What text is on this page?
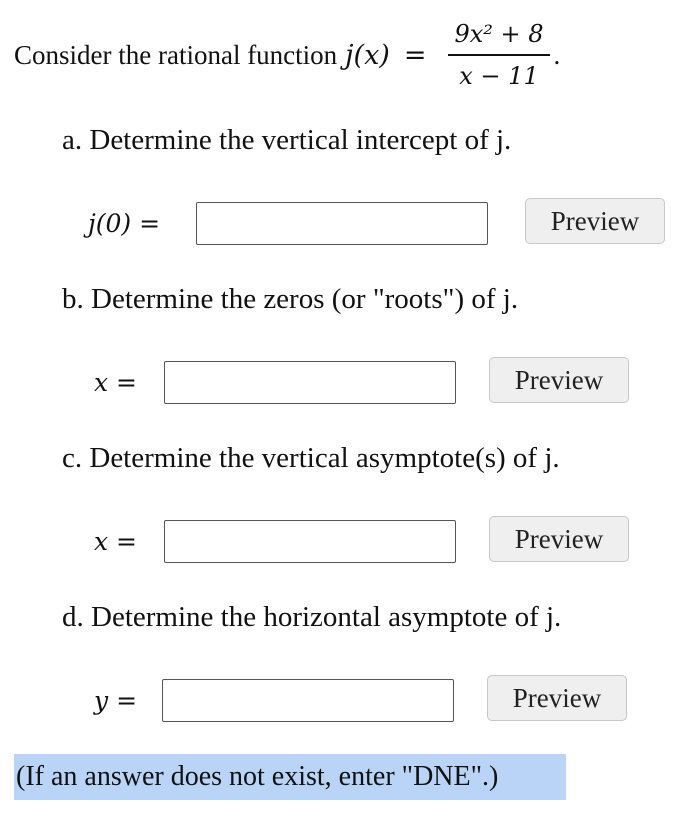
Consider the rational function $j(x) = \frac{\text{9x² + 8}}{x - 11}$ .
a. Determine the vertical intercept of j.
j(0) =	Preview
b. Determine the zeros (or "roots") of j.
x =	Preview
c. Determine the vertical asymptote(s) of j.
x =	Preview
d. Determine the horizontal asymptote of j.
y =	Preview
(If an answer does not exist, enter "DNE".)
